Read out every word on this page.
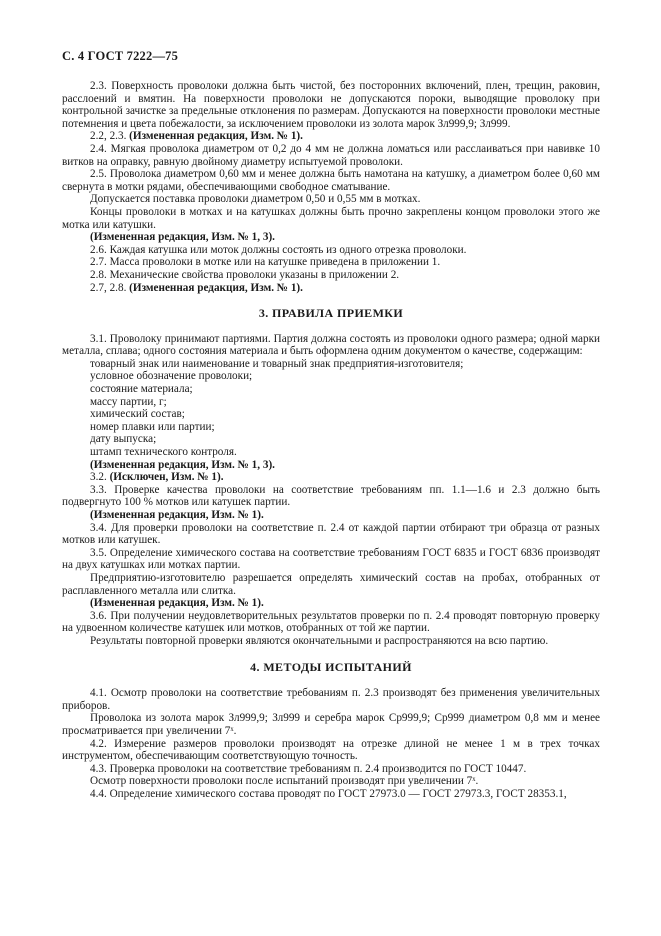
С. 4 ГОСТ 7222—75

2.3. Поверхность проволоки должна быть чистой, без посторонних включений, плен, трещин, раковин, расслоений и вмятин. На поверхности проволоки не допускаются пороки, выводящие проволоку при контрольной зачистке за предельные отклонения по размерам. Допускаются на поверхности проволоки местные потемнения и цвета побежалости, за исключением проволоки из золота марок Зл999,9; Зл999.

2.2, 2.3. (Измененная редакция, Изм. № 1).

2.4. Мягкая проволока диаметром от 0,2 до 4 мм не должна ломаться или расслаиваться при навивке 10 витков на оправку, равную двойному диаметру испытуемой проволоки.

2.5. Проволока диаметром 0,60 мм и менее должна быть намотана на катушку, а диаметром более 0,60 мм свернута в мотки рядами, обеспечивающими свободное сматывание.

Допускается поставка проволоки диаметром 0,50 и 0,55 мм в мотках.

Концы проволоки в мотках и на катушках должны быть прочно закреплены концом проволоки этого же мотка или катушки.

(Измененная редакция, Изм. № 1, 3).

2.6. Каждая катушка или моток должны состоять из одного отрезка проволоки.

2.7. Масса проволоки в мотке или на катушке приведена в приложении 1.

2.8. Механические свойства проволоки указаны в приложении 2.

2.7, 2.8. (Измененная редакция, Изм. № 1).

3. ПРАВИЛА ПРИЕМКИ

3.1. Проволоку принимают партиями. Партия должна состоять из проволоки одного размера; одной марки металла, сплава; одного состояния материала и быть оформлена одним документом о качестве, содержащим:

товарный знак или наименование и товарный знак предприятия-изготовителя;

условное обозначение проволоки;

состояние материала;

массу партии, г;

химический состав;

номер плавки или партии;

дату выпуска;

штамп технического контроля.

(Измененная редакция, Изм. № 1, 3).

3.2. (Исключен, Изм. № 1).

3.3. Проверке качества проволоки на соответствие требованиям пп. 1.1—1.6 и 2.3 должно быть подвергнуто 100 % мотков или катушек партии.

(Измененная редакция, Изм. № 1).

3.4. Для проверки проволоки на соответствие п. 2.4 от каждой партии отбирают три образца от разных мотков или катушек.

3.5. Определение химического состава на соответствие требованиям ГОСТ 6835 и ГОСТ 6836 производят на двух катушках или мотках партии.

Предприятию-изготовителю разрешается определять химический состав на пробах, отобранных от расплавленного металла или слитка.

(Измененная редакция, Изм. № 1).

3.6. При получении неудовлетворительных результатов проверки по п. 2.4 проводят повторную проверку на удвоенном количестве катушек или мотков, отобранных от той же партии.

Результаты повторной проверки являются окончательными и распространяются на всю партию.

4. МЕТОДЫ ИСПЫТАНИЙ

4.1. Осмотр проволоки на соответствие требованиям п. 2.3 производят без применения увеличительных приборов.

Проволока из золота марок Зл999,9; Зл999 и серебра марок Ср999,9; Ср999 диаметром 0,8 мм и менее просматривается при увеличении 7ˣ.

4.2. Измерение размеров проволоки производят на отрезке длиной не менее 1 м в трех точках инструментом, обеспечивающим соответствующую точность.

4.3. Проверка проволоки на соответствие требованиям п. 2.4 производится по ГОСТ 10447.

Осмотр поверхности проволоки после испытаний производят при увеличении 7ˣ.

4.4. Определение химического состава проводят по ГОСТ 27973.0 — ГОСТ 27973.3, ГОСТ 28353.1,
